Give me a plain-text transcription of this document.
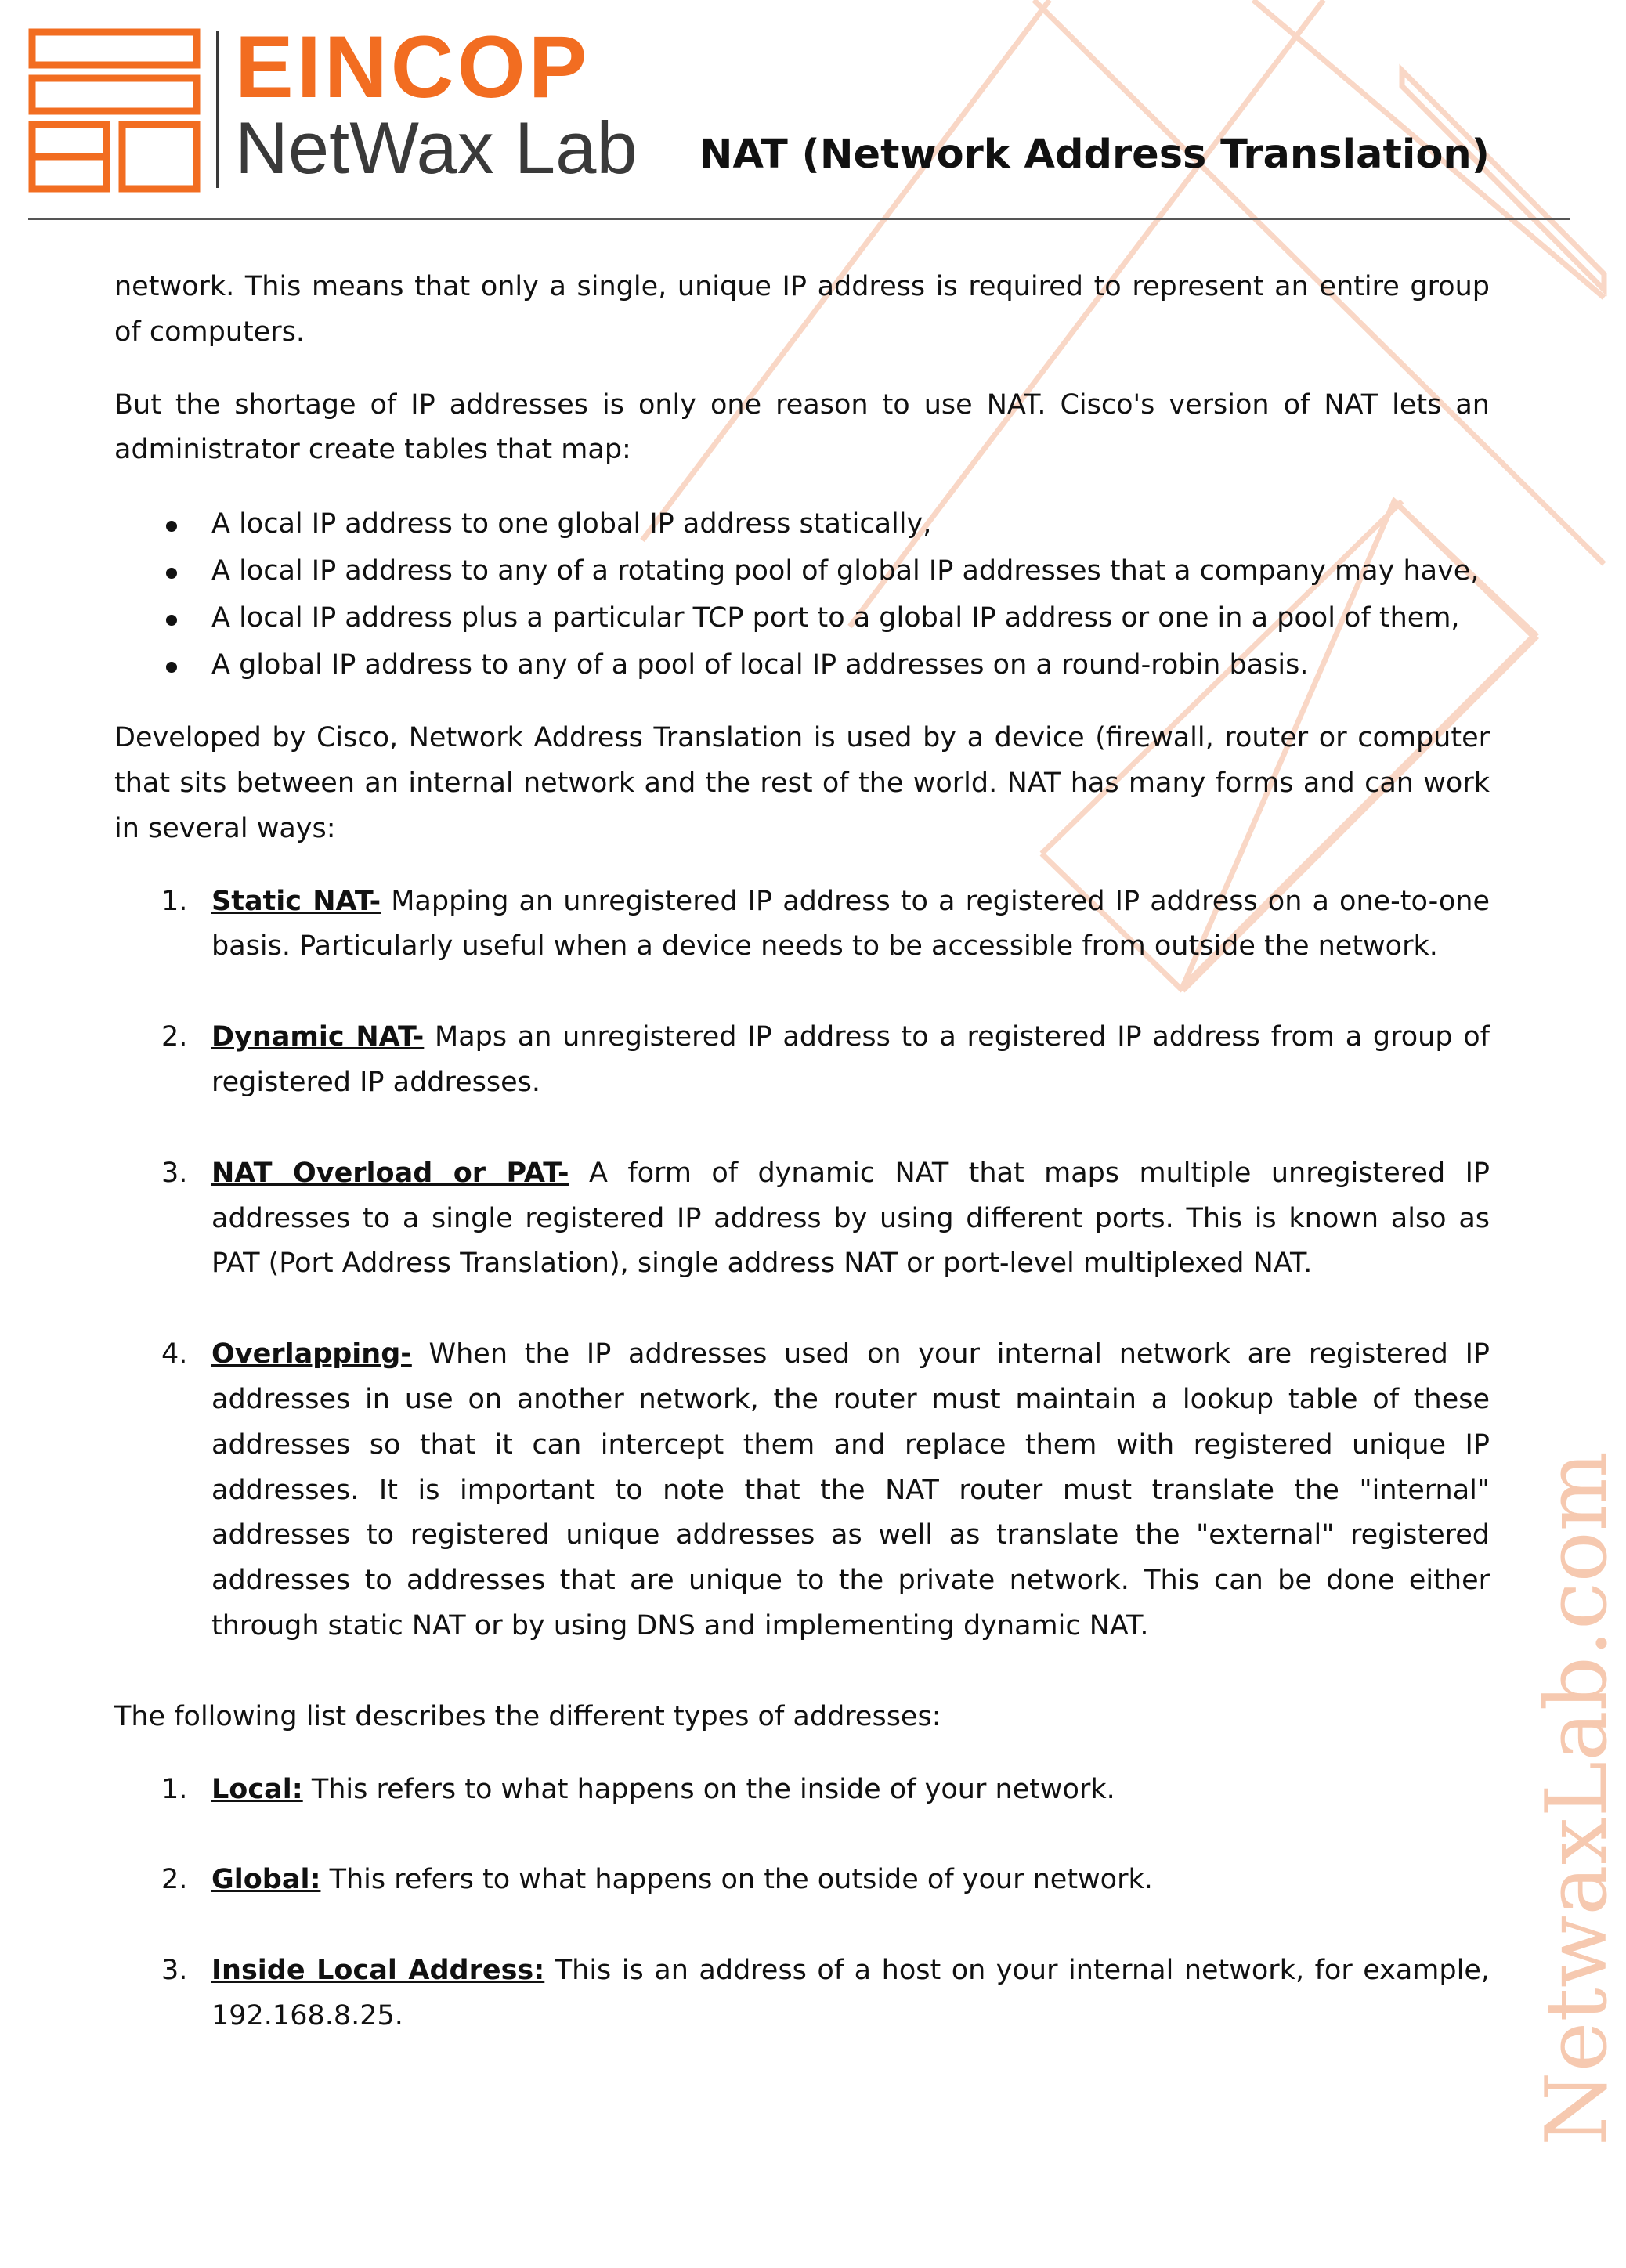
EINCOP
NetWax Lab NAT (Network Address Translation)

network. This means that only a single, unique IP address is required to represent an entire group of computers.

But the shortage of IP addresses is only one reason to use NAT. Cisco's version of NAT lets an administrator create tables that map:

A local IP address to one global IP address statically,
A local IP address to any of a rotating pool of global IP addresses that a company may have,
A local IP address plus a particular TCP port to a global IP address or one in a pool of them,
A global IP address to any of a pool of local IP addresses on a round-robin basis.

Developed by Cisco, Network Address Translation is used by a device (firewall, router or computer that sits between an internal network and the rest of the world. NAT has many forms and can work in several ways:

1. Static NAT- Mapping an unregistered IP address to a registered IP address on a one-to-one basis. Particularly useful when a device needs to be accessible from outside the network.
2. Dynamic NAT- Maps an unregistered IP address to a registered IP address from a group of registered IP addresses.
3. NAT Overload or PAT- A form of dynamic NAT that maps multiple unregistered IP addresses to a single registered IP address by using different ports. This is known also as PAT (Port Address Translation), single address NAT or port-level multiplexed NAT.
4. Overlapping- When the IP addresses used on your internal network are registered IP addresses in use on another network, the router must maintain a lookup table of these addresses so that it can intercept them and replace them with registered unique IP addresses. It is important to note that the NAT router must translate the "internal" addresses to registered unique addresses as well as translate the "external" registered addresses to addresses that are unique to the private network. This can be done either through static NAT or by using DNS and implementing dynamic NAT.

The following list describes the different types of addresses:

1. Local: This refers to what happens on the inside of your network.
2. Global: This refers to what happens on the outside of your network.
3. Inside Local Address: This is an address of a host on your internal network, for example, 192.168.8.25.	NetwaxLab.com
